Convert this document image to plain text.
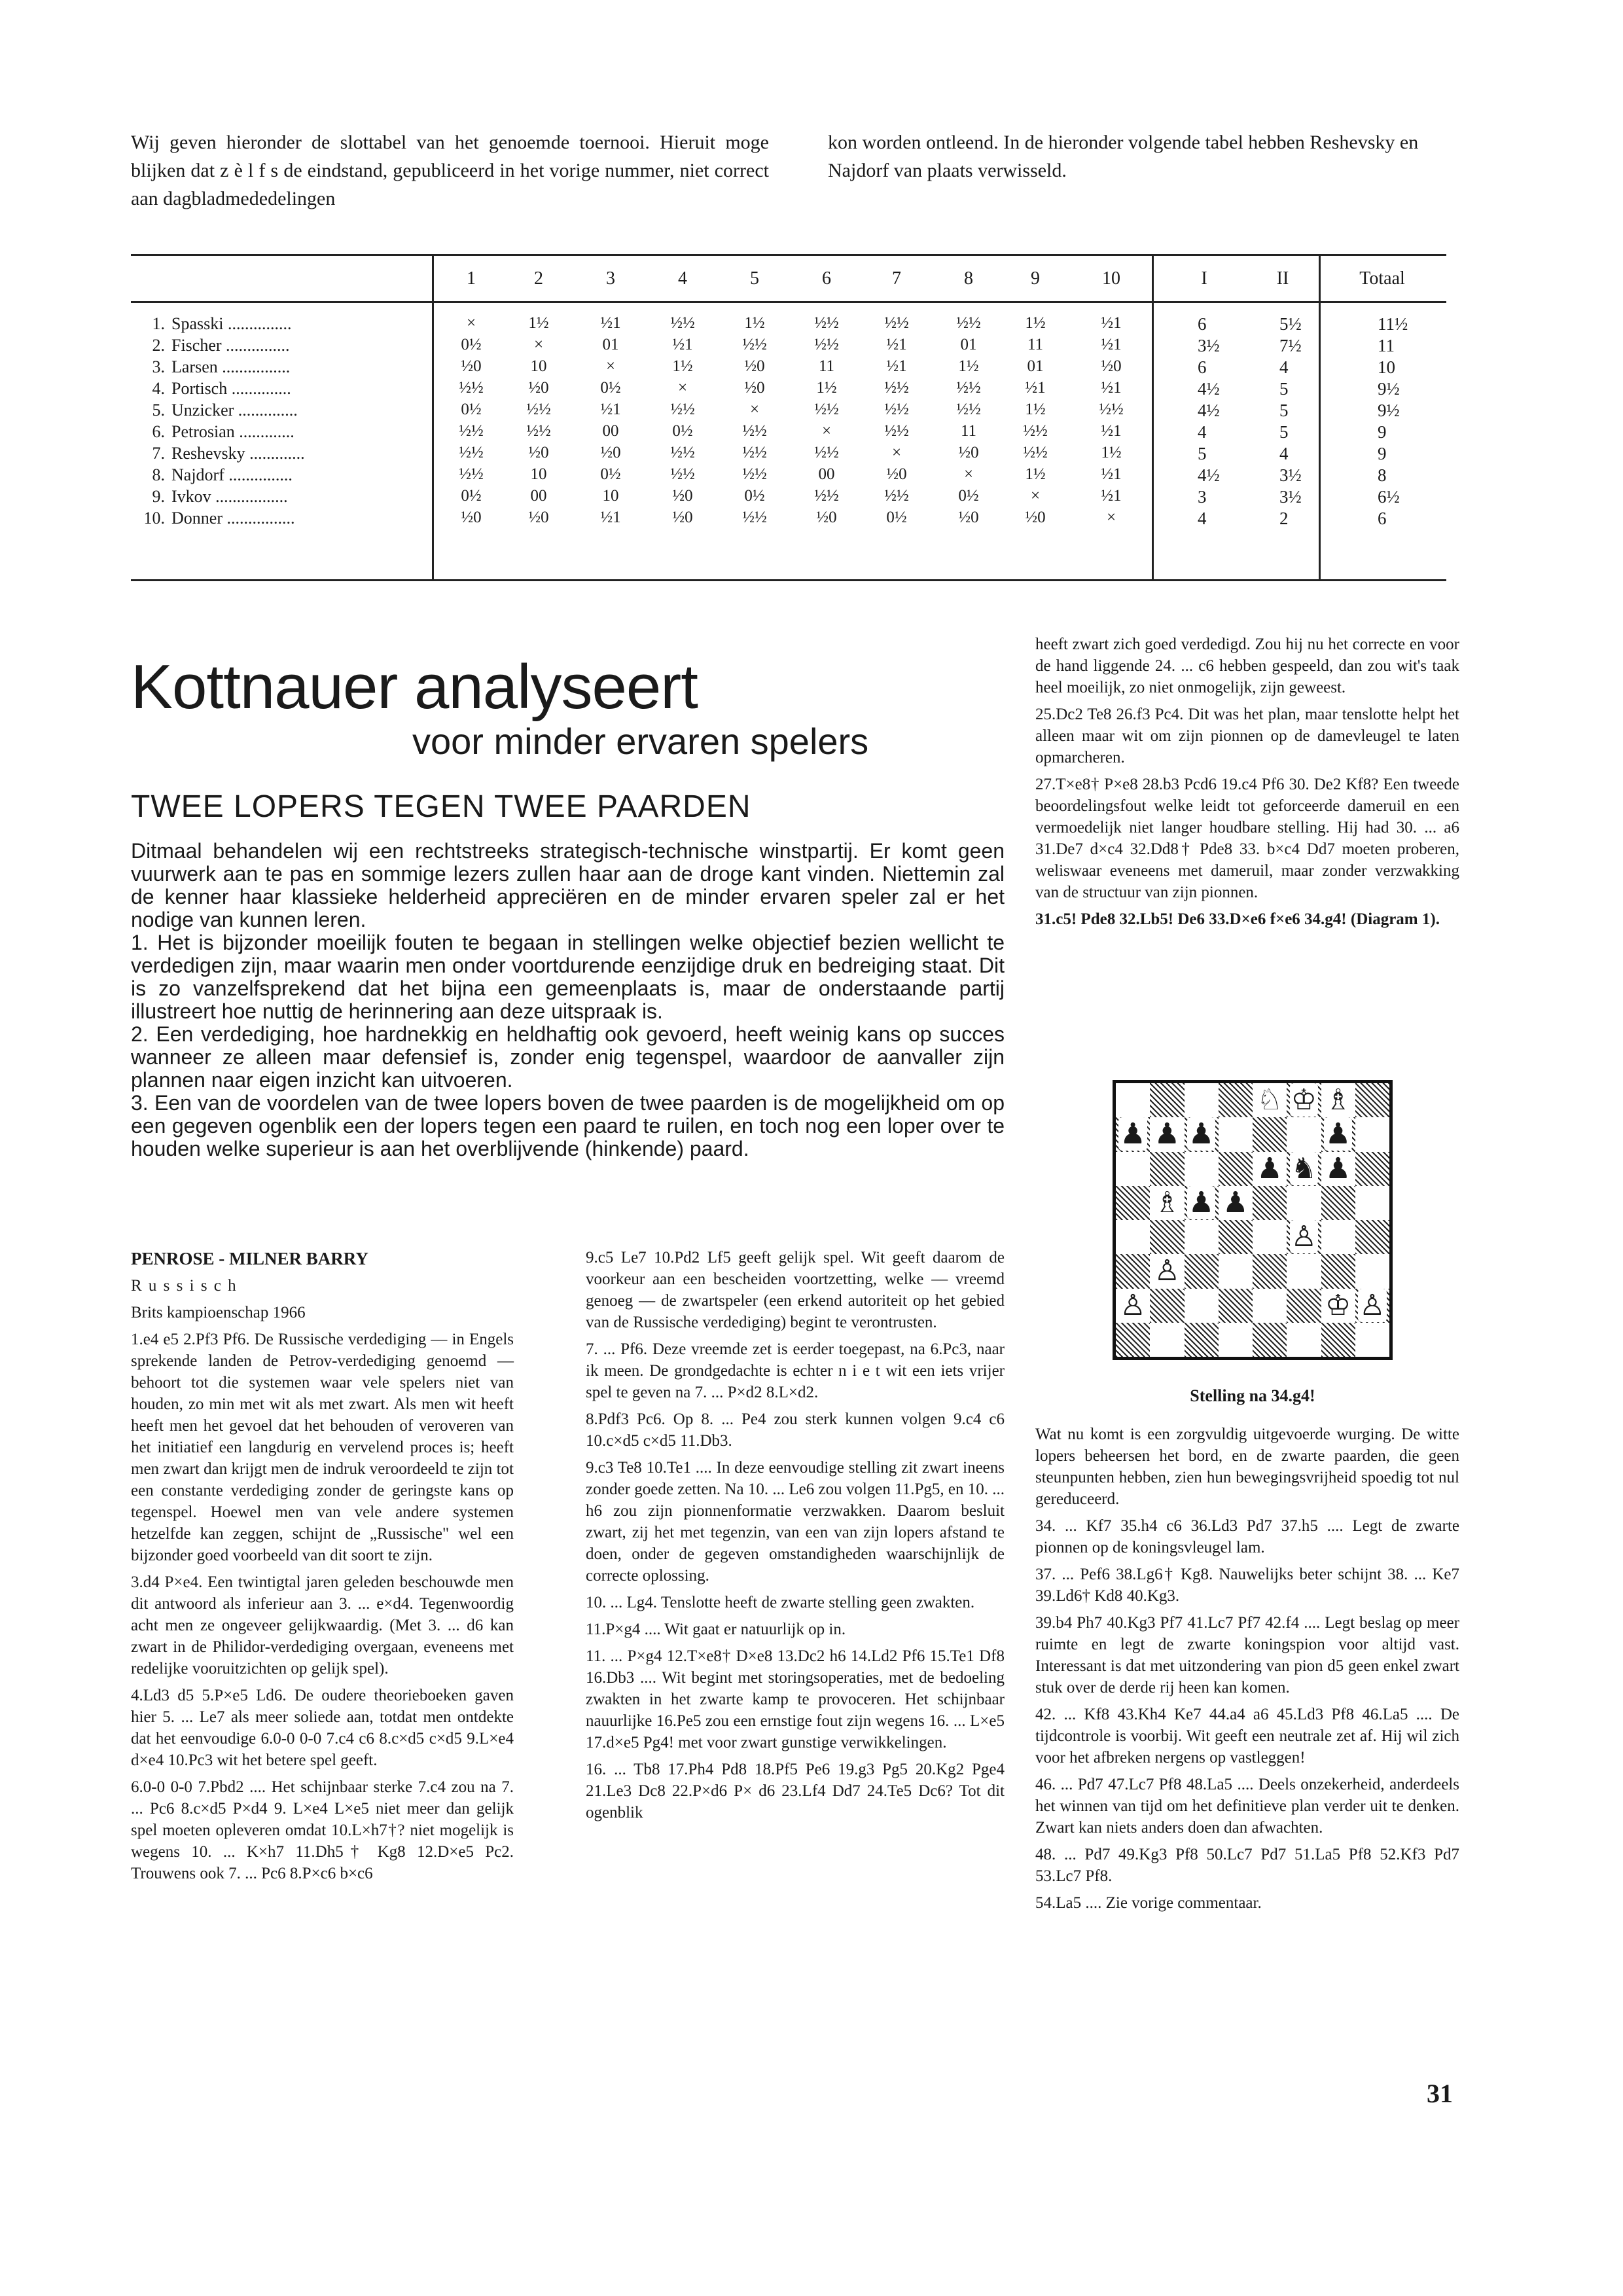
Wij geven hieronder de slottabel van het genoemde toernooi. Hieruit moge blijken dat z è l f s de eindstand, gepubliceerd in het vorige nummer, niet correct aan dagbladmededelingen
kon worden ontleend. In de hieronder volgende tabel hebben Reshevsky en Najdorf van plaats verwisseld.
1	2	3	4	5	6	7	8	9	10	I	II	Totaal
1. Spasski ...............	×	1½	½1	½½	1½	½½	½½	½½	1½	½1	6	5½	11½
2. Fischer ...............	0½	×	01	½1	½½	½½	½1	01	11	½1	3½	7½	11
3. Larsen ................	½0	10	×	1½	½0	11	½1	1½	01	½0	6	4	10
4. Portisch ..............	½½	½0	0½	×	½0	1½	½½	½½	½1	½1	4½	5	9½
5. Unzicker ..............	0½	½½	½1	½½	×	½½	½½	½½	1½	½½	4½	5	9½
6. Petrosian .............	½½	½½	00	0½	½½	×	½½	11	½½	½1	4	5	9
7. Reshevsky .............	½½	½0	½0	½½	½½	½½	×	½0	½½	1½	5	4	9
8. Najdorf ...............	½½	10	0½	½½	½½	00	½0	×	1½	½1	4½	3½	8
9. Ivkov .................	0½	00	10	½0	0½	½½	½½	0½	×	½1	3	3½	6½
10. Donner ................	½0	½0	½1	½0	½½	½0	0½	½0	½0	×	4	2	6
Kottnauer analyseert
voor minder ervaren spelers
TWEE LOPERS TEGEN TWEE PAARDEN
Ditmaal behandelen wij een rechtstreeks strategisch-technische winstpartij. Er komt geen vuurwerk aan te pas en sommige lezers zullen haar aan de droge kant vinden. Niettemin zal de kenner haar klassieke helderheid appreciëren en de minder ervaren speler zal er het nodige van kunnen leren.
1. Het is bijzonder moeilijk fouten te begaan in stellingen welke objectief bezien wellicht te verdedigen zijn, maar waarin men onder voortdurende eenzijdige druk en bedreiging staat. Dit is zo vanzelfsprekend dat het bijna een gemeenplaats is, maar de onderstaande partij illustreert hoe nuttig de herinnering aan deze uitspraak is.
2. Een verdediging, hoe hardnekkig en heldhaftig ook gevoerd, heeft weinig kans op succes wanneer ze alleen maar defensief is, zonder enig tegenspel, waardoor de aanvaller zijn plannen naar eigen inzicht kan uitvoeren.
3. Een van de voordelen van de twee lopers boven de twee paarden is de mogelijkheid om op een gegeven ogenblik een der lopers tegen een paard te ruilen, en toch nog een loper over te houden welke superieur is aan het overblijvende (hinkende) paard.

PENROSE - MILNER BARRY

R u s s i s c h

Brits kampioenschap 1966

1.e4 e5 2.Pf3 Pf6. De Russische verdediging — in Engels sprekende landen de Petrov-verdediging genoemd — behoort tot die systemen waar vele spelers niet van houden, zo min met wit als met zwart. Als men wit heeft heeft men het gevoel dat het behouden of veroveren van het initiatief een langdurig en vervelend proces is; heeft men zwart dan krijgt men de indruk veroordeeld te zijn tot een constante verdediging zonder de geringste kans op tegenspel. Hoewel men van vele andere systemen hetzelfde kan zeggen, schijnt de „Russische" wel een bijzonder goed voorbeeld van dit soort te zijn.

3.d4 P×e4. Een twintigtal jaren geleden beschouwde men dit antwoord als inferieur aan 3. ... e×d4. Tegenwoordig acht men ze ongeveer gelijkwaardig. (Met 3. ... d6 kan zwart in de Philidor-verdediging overgaan, eveneens met redelijke vooruitzichten op gelijk spel).

4.Ld3 d5 5.P×e5 Ld6. De oudere theorieboeken gaven hier 5. ... Le7 als meer soliede aan, totdat men ontdekte dat het eenvoudige 6.0-0 0-0 7.c4 c6 8.c×d5 c×d5 9.L×e4 d×e4 10.Pc3 wit het betere spel geeft.

6.0-0 0-0 7.Pbd2 .... Het schijnbaar sterke 7.c4 zou na 7. ... Pc6 8.c×d5 P×d4 9. L×e4 L×e5 niet meer dan gelijk spel moeten opleveren omdat 10.L×h7†? niet mogelijk is wegens 10. ... K×h7 11.Dh5† Kg8 12.D×e5 Pc2. Trouwens ook 7. ... Pc6 8.P×c6 b×c6

9.c5 Le7 10.Pd2 Lf5 geeft gelijk spel. Wit geeft daarom de voorkeur aan een bescheiden voortzetting, welke — vreemd genoeg — de zwartspeler (een erkend autoriteit op het gebied van de Russische verdediging) begint te verontrusten.

7. ... Pf6. Deze vreemde zet is eerder toegepast, na 6.Pc3, naar ik meen. De grondgedachte is echter n i e t wit een iets vrijer spel te geven na 7. ... P×d2 8.L×d2.

8.Pdf3 Pc6. Op 8. ... Pe4 zou sterk kunnen volgen 9.c4 c6 10.c×d5 c×d5 11.Db3.

9.c3 Te8 10.Te1 .... In deze eenvoudige stelling zit zwart ineens zonder goede zetten. Na 10. ... Le6 zou volgen 11.Pg5, en 10. ... h6 zou zijn pionnenformatie verzwakken. Daarom besluit zwart, zij het met tegenzin, van een van zijn lopers afstand te doen, onder de gegeven omstandigheden waarschijnlijk de correcte oplossing.

10. ... Lg4. Tenslotte heeft de zwarte stelling geen zwakten.

11.P×g4 .... Wit gaat er natuurlijk op in.

11. ... P×g4 12.T×e8† D×e8 13.Dc2 h6 14.Ld2 Pf6 15.Te1 Df8 16.Db3 .... Wit begint met storingsoperaties, met de bedoeling zwakten in het zwarte kamp te provoceren. Het schijnbaar nauurlijke 16.Pe5 zou een ernstige fout zijn wegens 16. ... L×e5 17.d×e5 Pg4! met voor zwart gunstige verwikkelingen.

16. ... Tb8 17.Ph4 Pd8 18.Pf5 Pe6 19.g3 Pg5 20.Kg2 Pge4 21.Le3 Dc8 22.P×d6 P× d6 23.Lf4 Dd7 24.Te5 Dc6? Tot dit ogenblik

heeft zwart zich goed verdedigd. Zou hij nu het correcte en voor de hand liggende 24. ... c6 hebben gespeeld, dan zou wit's taak heel moeilijk, zo niet onmogelijk, zijn geweest.

25.Dc2 Te8 26.f3 Pc4. Dit was het plan, maar tenslotte helpt het alleen maar wit om zijn pionnen op de damevleugel te laten opmarcheren.

27.T×e8† P×e8 28.b3 Pcd6 19.c4 Pf6 30. De2 Kf8? Een tweede beoordelingsfout welke leidt tot geforceerde dameruil en een vermoedelijk niet langer houdbare stelling. Hij had 30. ... a6 31.De7 d×c4 32.Dd8† Pde8 33. b×c4 Dd7 moeten proberen, weliswaar eveneens met dameruil, maar zonder verzwakking van de structuur van zijn pionnen.

31.c5! Pde8 32.Lb5! De6 33.D×e6 f×e6 34.g4! (Diagram 1).

♘ ♔ ♗
♟ ♟ ♟	♟
♟ ♞ ♟
♗ ♟ ♟
♙
♙
♙	♔ ♙
Stelling na 34.g4!

Wat nu komt is een zorgvuldig uitgevoerde wurging. De witte lopers beheersen het bord, en de zwarte paarden, die geen steunpunten hebben, zien hun bewegingsvrijheid spoedig tot nul gereduceerd.

34. ... Kf7 35.h4 c6 36.Ld3 Pd7 37.h5 .... Legt de zwarte pionnen op de koningsvleugel lam.

37. ... Pef6 38.Lg6† Kg8. Nauwelijks beter schijnt 38. ... Ke7 39.Ld6† Kd8 40.Kg3.

39.b4 Ph7 40.Kg3 Pf7 41.Lc7 Pf7 42.f4 .... Legt beslag op meer ruimte en legt de zwarte koningspion voor altijd vast. Interessant is dat met uitzondering van pion d5 geen enkel zwart stuk over de derde rij heen kan komen.

42. ... Kf8 43.Kh4 Ke7 44.a4 a6 45.Ld3 Pf8 46.La5 .... De tijdcontrole is voorbij. Wit geeft een neutrale zet af. Hij wil zich voor het afbreken nergens op vastleggen!

46. ... Pd7 47.Lc7 Pf8 48.La5 .... Deels onzekerheid, anderdeels het winnen van tijd om het definitieve plan verder uit te denken. Zwart kan niets anders doen dan afwachten.

48. ... Pd7 49.Kg3 Pf8 50.Lc7 Pd7 51.La5 Pf8 52.Kf3 Pd7 53.Lc7 Pf8.

54.La5 .... Zie vorige commentaar.

31
